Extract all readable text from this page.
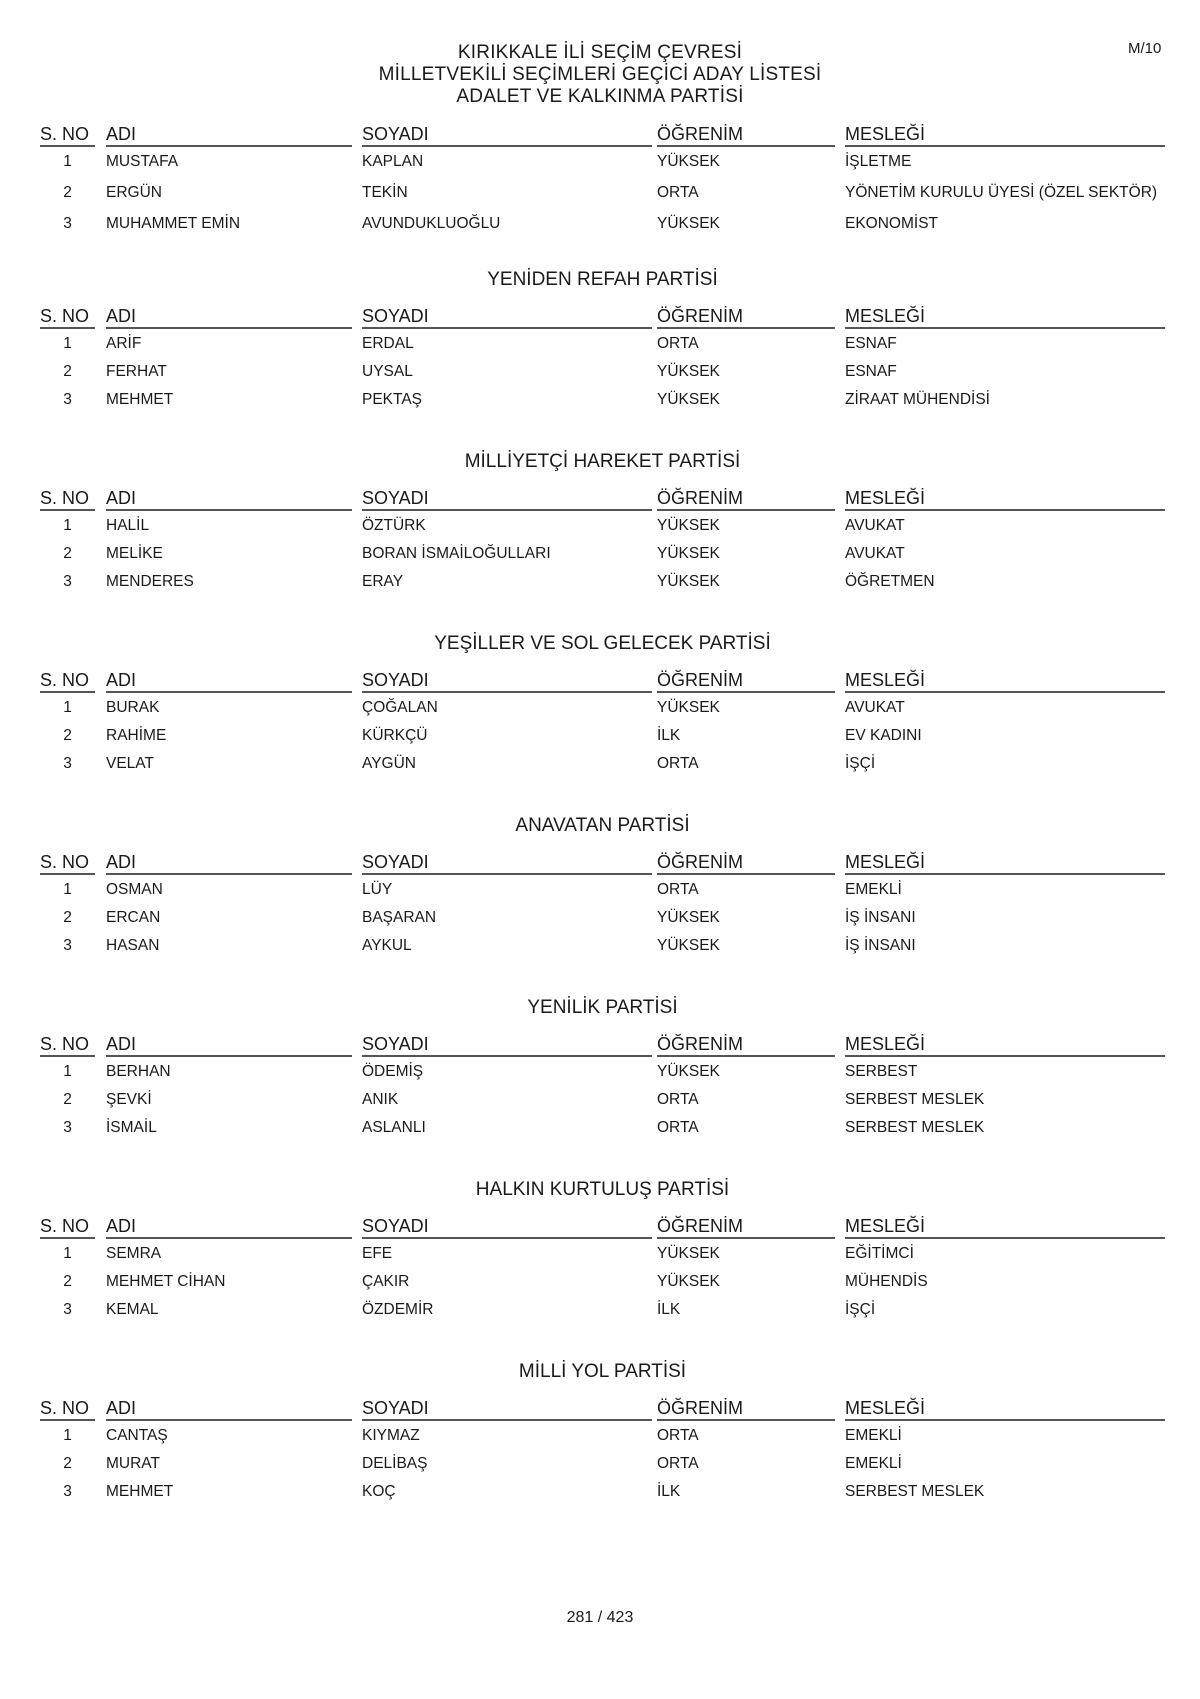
M/10
KIRIKKALE İLİ SEÇİM ÇEVRESİ
MİLLETVEKİLİ SEÇİMLERİ GEÇİCİ ADAY LİSTESİ
ADALET VE KALKINMA PARTİSİ
S. NO ADI	SOYADI	ÖĞRENİM	MESLEĞİ
1	MUSTAFA	KAPLAN	YÜKSEK	İŞLETME
2	ERGÜN	TEKİN	ORTA	YÖNETİM KURULU ÜYESİ (ÖZEL SEKTÖR)
3	MUHAMMET EMİN	AVUNDUKLUOĞLU	YÜKSEK	EKONOMİST
YENİDEN REFAH PARTİSİ
S. NO ADI	SOYADI	ÖĞRENİM	MESLEĞİ
1	ARİF	ERDAL	ORTA	ESNAF
2	FERHAT	UYSAL	YÜKSEK	ESNAF
3	MEHMET	PEKTAŞ	YÜKSEK	ZİRAAT MÜHENDİSİ
MİLLİYETÇİ HAREKET PARTİSİ
S. NO ADI	SOYADI	ÖĞRENİM	MESLEĞİ
1	HALİL	ÖZTÜRK	YÜKSEK	AVUKAT
2	MELİKE	BORAN İSMAİLOĞULLARI	YÜKSEK	AVUKAT
3	MENDERES	ERAY	YÜKSEK	ÖĞRETMEN
YEŞİLLER VE SOL GELECEK PARTİSİ
S. NO ADI	SOYADI	ÖĞRENİM	MESLEĞİ
1	BURAK	ÇOĞALAN	YÜKSEK	AVUKAT
2	RAHİME	KÜRKÇÜ	İLK	EV KADINI
3	VELAT	AYGÜN	ORTA	İŞÇİ
ANAVATAN PARTİSİ
S. NO ADI	SOYADI	ÖĞRENİM	MESLEĞİ
1	OSMAN	LÜY	ORTA	EMEKLİ
2	ERCAN	BAŞARAN	YÜKSEK	İŞ İNSANI
3	HASAN	AYKUL	YÜKSEK	İŞ İNSANI
YENİLİK PARTİSİ
S. NO ADI	SOYADI	ÖĞRENİM	MESLEĞİ
1	BERHAN	ÖDEMİŞ	YÜKSEK	SERBEST
2	ŞEVKİ	ANIK	ORTA	SERBEST MESLEK
3	İSMAİL	ASLANLI	ORTA	SERBEST MESLEK
HALKIN KURTULUŞ PARTİSİ
S. NO ADI	SOYADI	ÖĞRENİM	MESLEĞİ
1	SEMRA	EFE	YÜKSEK	EĞİTİMCİ
2	MEHMET CİHAN	ÇAKIR	YÜKSEK	MÜHENDİS
3	KEMAL	ÖZDEMİR	İLK	İŞÇİ
MİLLİ YOL PARTİSİ
S. NO ADI	SOYADI	ÖĞRENİM	MESLEĞİ
1	CANTAŞ	KIYMAZ	ORTA	EMEKLİ
2	MURAT	DELİBAŞ	ORTA	EMEKLİ
3	MEHMET	KOÇ	İLK	SERBEST MESLEK
281 / 423
